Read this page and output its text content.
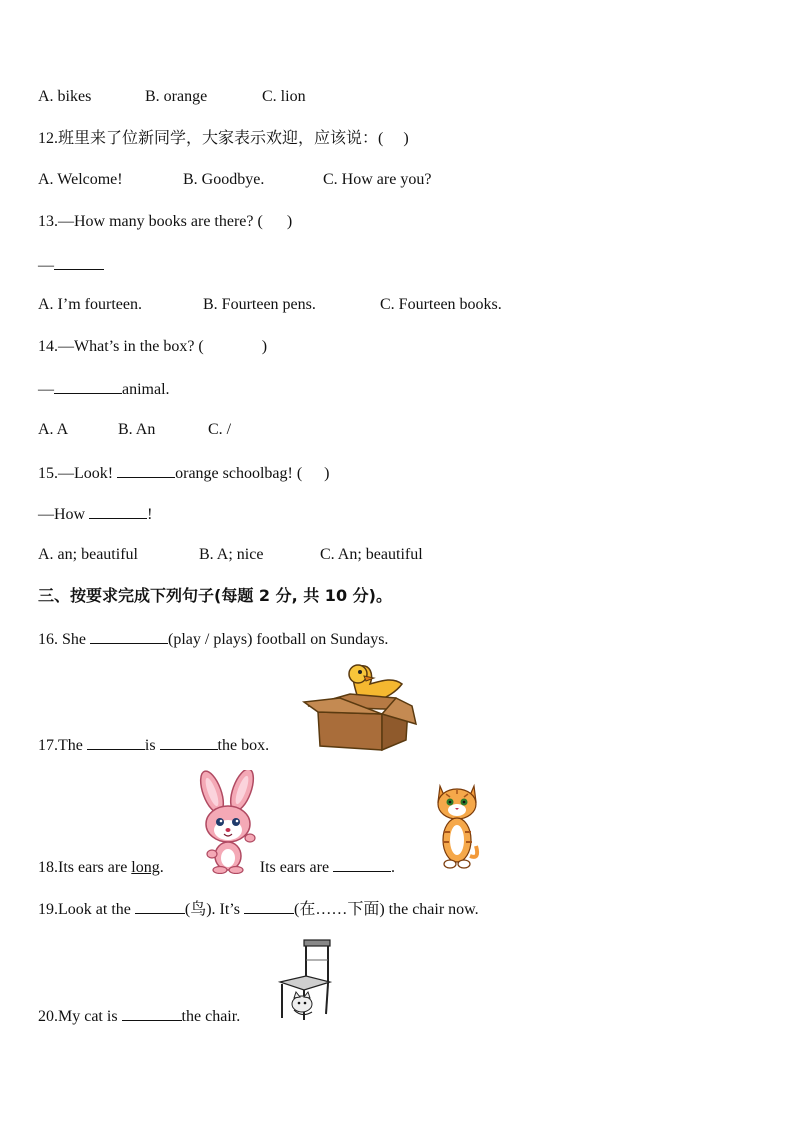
A. bikes	B. orange	C. lion
12.班里来了位新同学，大家表示欢迎，应该说：( )
A. Welcome!	B. Goodbye.	C. How are you?
13.—How many books are there? ( )
—
A. I’m fourteen.	B. Fourteen pens.	C. Fourteen books.
14.—What’s in the box? (	)
—	animal.
A. A	B. An	C. /
15.—Look!	orange schoolbag! ( )
—How	!
A. an; beautiful	B. A; nice	C. An; beautiful
三、按要求完成下列句子(每题 2 分, 共 10 分)。
16. She	(play / plays) football on Sundays.
17.The	is	the box.
18.Its ears are long.	Its ears are	.
19.Look at the	(鸟). It’s	(在……下面) the chair now.
20.My cat is	the chair.
